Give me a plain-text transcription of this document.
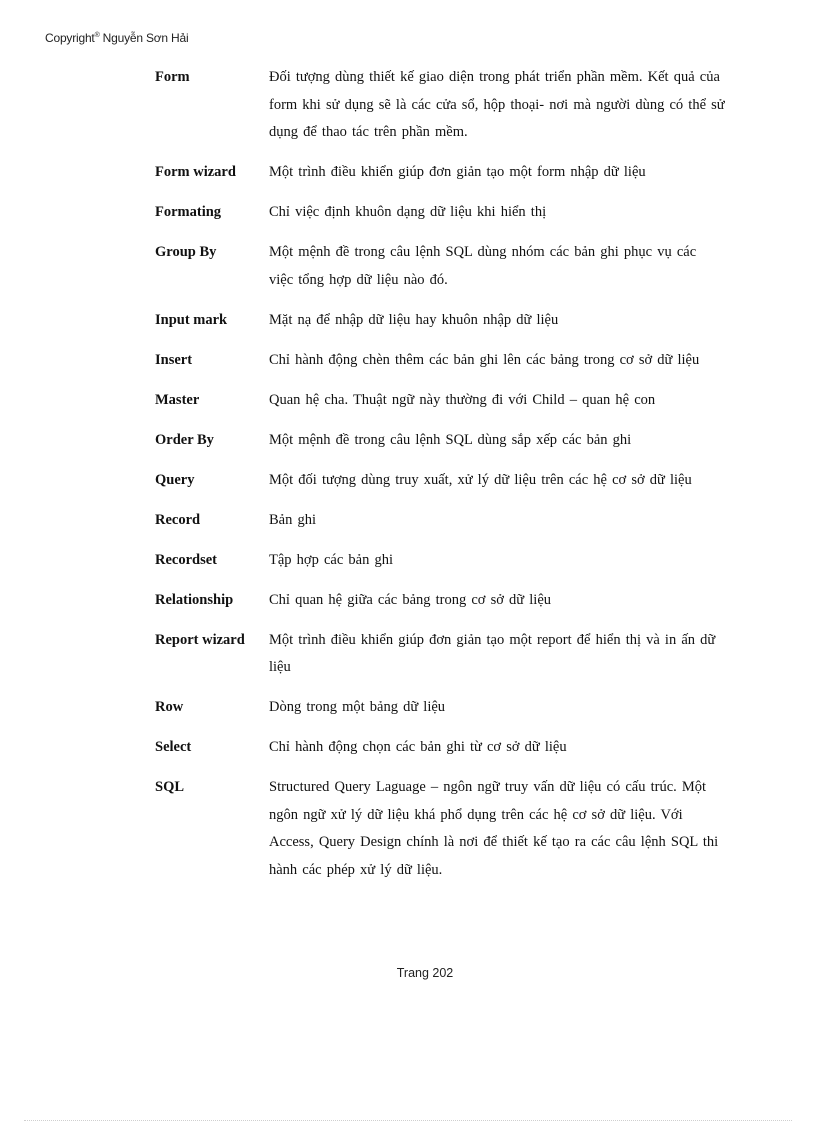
Copyright® Nguyễn Sơn Hải
Form	Đối tượng dùng thiết kế giao diện trong phát triển phần mềm. Kết quả của form khi sử dụng sẽ là các cửa sổ, hộp thoại- nơi mà người dùng có thể sử dụng để thao tác trên phần mềm.
Form wizard	Một trình điều khiển giúp đơn giản tạo một form nhập dữ liệu
Formating	Chỉ việc định khuôn dạng dữ liệu khi hiển thị
Group By	Một mệnh đề trong câu lệnh SQL dùng nhóm các bản ghi phục vụ các việc tổng hợp dữ liệu nào đó.
Input mark	Mặt nạ để nhập dữ liệu hay khuôn nhập dữ liệu
Insert	Chỉ hành động chèn thêm các bản ghi lên các bảng trong cơ sở dữ liệu
Master	Quan hệ cha. Thuật ngữ này thường đi với Child – quan hệ con
Order By	Một mệnh đề trong câu lệnh SQL dùng sắp xếp các bản ghi
Query	Một đối tượng dùng truy xuất, xử lý dữ liệu trên các hệ cơ sở dữ liệu
Record	Bản ghi
Recordset	Tập hợp các bản ghi
Relationship	Chỉ quan hệ giữa các bảng trong cơ sở dữ liệu
Report wizard	Một trình điều khiển giúp đơn giản tạo một report để hiển thị và in ấn dữ liệu
Row	Dòng trong một bảng dữ liệu
Select	Chỉ hành động chọn các bản ghi từ cơ sở dữ liệu
SQL	Structured Query Laguage – ngôn ngữ truy vấn dữ liệu có cấu trúc. Một ngôn ngữ xử lý dữ liệu khá phổ dụng trên các hệ cơ sở dữ liệu. Với Access, Query Design chính là nơi để thiết kế tạo ra các câu lệnh SQL thi hành các phép xử lý dữ liệu.
Trang 202
